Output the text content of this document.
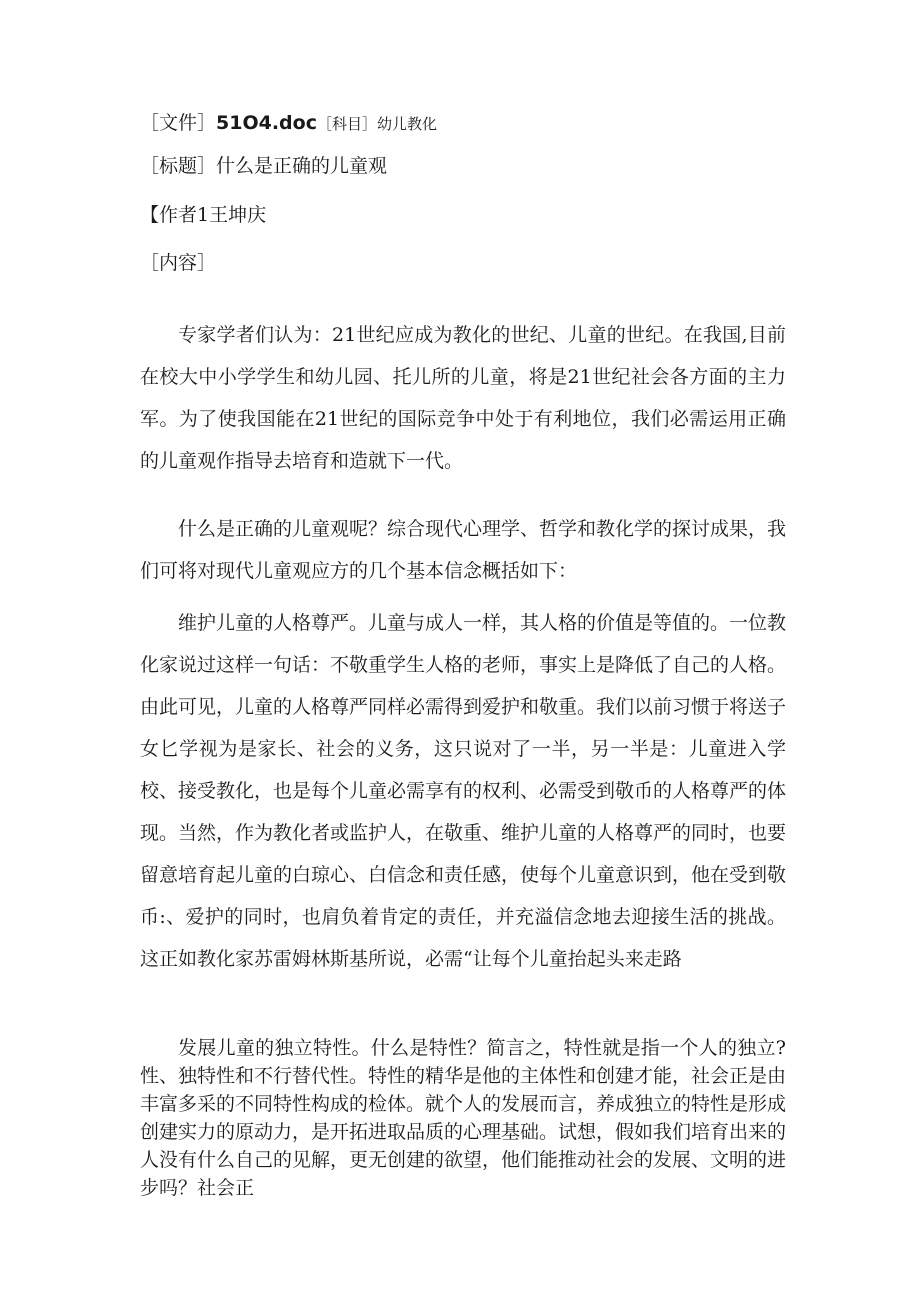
［文件］51O4.doc［科目］幼儿教化
［标题］什么是正确的儿童观
【作者1王坤庆
［内容］

专家学者们认为：21世纪应成为教化的世纪、儿童的世纪。在我国,目前在校大中小学学生和幼儿园、托儿所的儿童，将是21世纪社会各方面的主力军。为了使我国能在21世纪的国际竞争中处于有利地位，我们必需运用正确的儿童观作指导去培育和造就下一代。

什么是正确的儿童观呢？综合现代心理学、哲学和教化学的探讨成果，我们可将对现代儿童观应方的几个基本信念概括如下：

维护儿童的人格尊严。儿童与成人一样，其人格的价值是等值的。一位教化家说过这样一句话：不敬重学生人格的老师，事实上是降低了自己的人格。由此可见，儿童的人格尊严同样必需得到爱护和敬重。我们以前习惯于将送子女匕学视为是家长、社会的义务，这只说对了一半，另一半是：儿童进入学校、接受教化，也是每个儿童必需享有的权利、必需受到敬币的人格尊严的体现。当然，作为教化者或监护人，在敬重、维护儿童的人格尊严的同时，也要留意培育起儿童的白琼心、白信念和责任感，使每个儿童意识到，他在受到敬币:、爱护的同时，也肩负着肯定的责任，并充溢信念地去迎接生活的挑战。这正如教化家苏雷姆林斯基所说，必需“让每个儿童抬起头来走路

发展儿童的独立特性。什么是特性？简言之，特性就是指一个人的独立?性、独特性和不行替代性。特性的精华是他的主体性和创建才能，社会正是由丰富多采的不同特性构成的检体。就个人的发展而言，养成独立的特性是形成创建实力的原动力，是开拓进取品质的心理基础。试想，假如我们培育出来的人没有什么自己的见解，更无创建的欲望，他们能推动社会的发展、文明的进步吗？社会正
